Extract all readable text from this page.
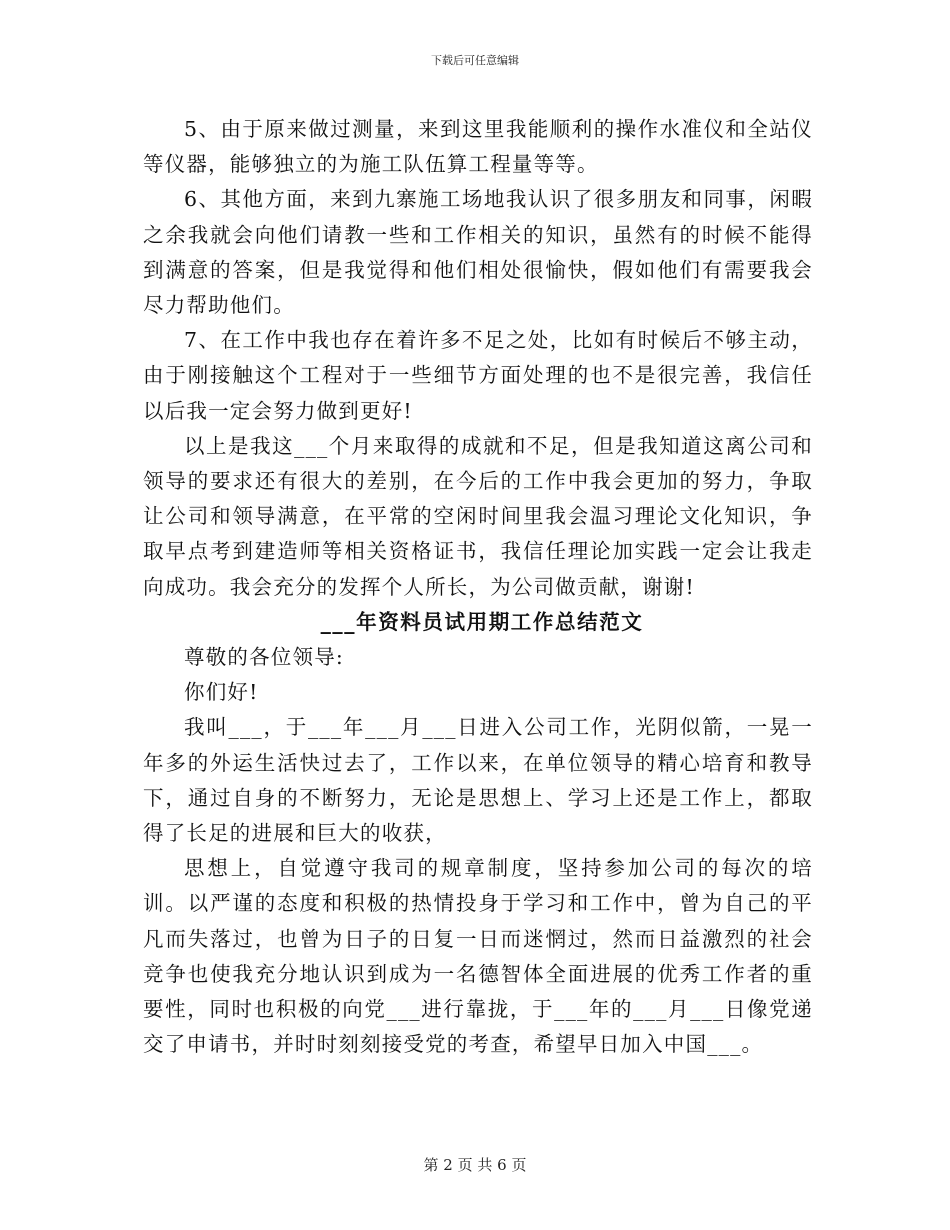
下载后可任意编辑

5、由于原来做过测量，来到这里我能顺利的操作水准仪和全站仪等仪器，能够独立的为施工队伍算工程量等等。

6、其他方面，来到九寨施工场地我认识了很多朋友和同事，闲暇之余我就会向他们请教一些和工作相关的知识，虽然有的时候不能得到满意的答案，但是我觉得和他们相处很愉快，假如他们有需要我会尽力帮助他们。

7、在工作中我也存在着许多不足之处，比如有时候后不够主动，由于刚接触这个工程对于一些细节方面处理的也不是很完善，我信任以后我一定会努力做到更好!

以上是我这___个月来取得的成就和不足，但是我知道这离公司和领导的要求还有很大的差别，在今后的工作中我会更加的努力，争取让公司和领导满意，在平常的空闲时间里我会温习理论文化知识，争取早点考到建造师等相关资格证书，我信任理论加实践一定会让我走向成功。我会充分的发挥个人所长，为公司做贡献，谢谢!

___年资料员试用期工作总结范文

尊敬的各位领导:

你们好!

我叫___，于___年___月___日进入公司工作，光阴似箭，一晃一年多的外运生活快过去了，工作以来，在单位领导的精心培育和教导下，通过自身的不断努力，无论是思想上、学习上还是工作上，都取得了长足的进展和巨大的收获，

思想上，自觉遵守我司的规章制度，坚持参加公司的每次的培训。以严谨的态度和积极的热情投身于学习和工作中，曾为自己的平凡而失落过，也曾为日子的日复一日而迷惘过，然而日益激烈的社会竞争也使我充分地认识到成为一名德智体全面进展的优秀工作者的重要性，同时也积极的向党___进行靠拢，于___年的___月___日像党递交了申请书，并时时刻刻接受党的考查，希望早日加入中国___。

第 2 页 共 6 页
